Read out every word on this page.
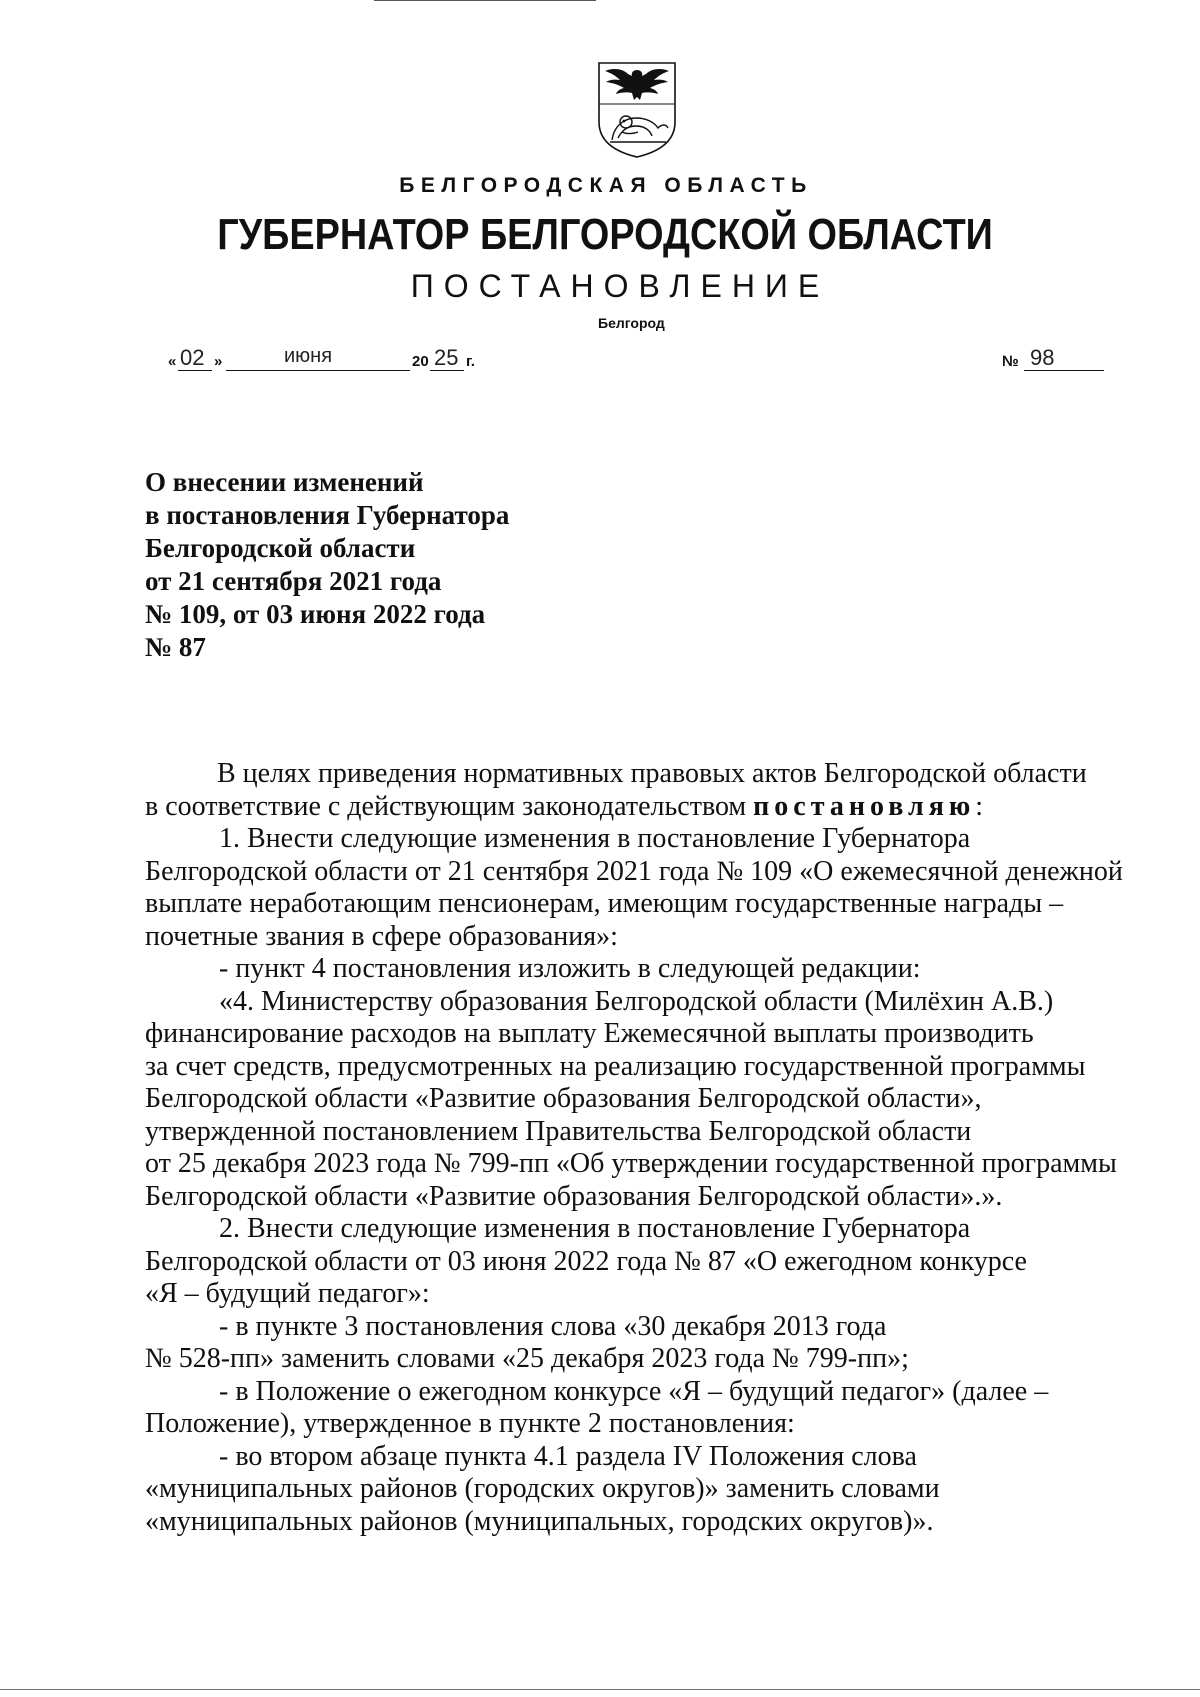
БЕЛГОРОДСКАЯ ОБЛАСТЬ
ГУБЕРНАТОР БЕЛГОРОДСКОЙ ОБЛАСТИ
ПОСТАНОВЛЕНИЕ
Белгород
« 02 »	июня	20 25 г.	№ 98
О внесении изменений
в постановления Губернатора
Белгородской области
от 21 сентября 2021 года
№ 109, от 03 июня 2022 года
№ 87
В целях приведения нормативных правовых актов Белгородской области
в соответствие с действующим законодательством постановляю:
1. Внести следующие изменения в постановление Губернатора
Белгородской области от 21 сентября 2021 года № 109 «О ежемесячной денежной
выплате неработающим пенсионерам, имеющим государственные награды –
почетные звания в сфере образования»:
- пункт 4 постановления изложить в следующей редакции:
«4. Министерству образования Белгородской области (Милёхин А.В.)
финансирование расходов на выплату Ежемесячной выплаты производить
за счет средств, предусмотренных на реализацию государственной программы
Белгородской области «Развитие образования Белгородской области»,
утвержденной постановлением Правительства Белгородской области
от 25 декабря 2023 года № 799-пп «Об утверждении государственной программы
Белгородской области «Развитие образования Белгородской области».».
2. Внести следующие изменения в постановление Губернатора
Белгородской области от 03 июня 2022 года № 87 «О ежегодном конкурсе
«Я – будущий педагог»:
- в пункте 3 постановления слова «30 декабря 2013 года
№ 528-пп» заменить словами «25 декабря 2023 года № 799-пп»;
- в Положение о ежегодном конкурсе «Я – будущий педагог» (далее –
Положение), утвержденное в пункте 2 постановления:
- во втором абзаце пункта 4.1 раздела IV Положения слова
«муниципальных районов (городских округов)» заменить словами
«муниципальных районов (муниципальных, городских округов)».
